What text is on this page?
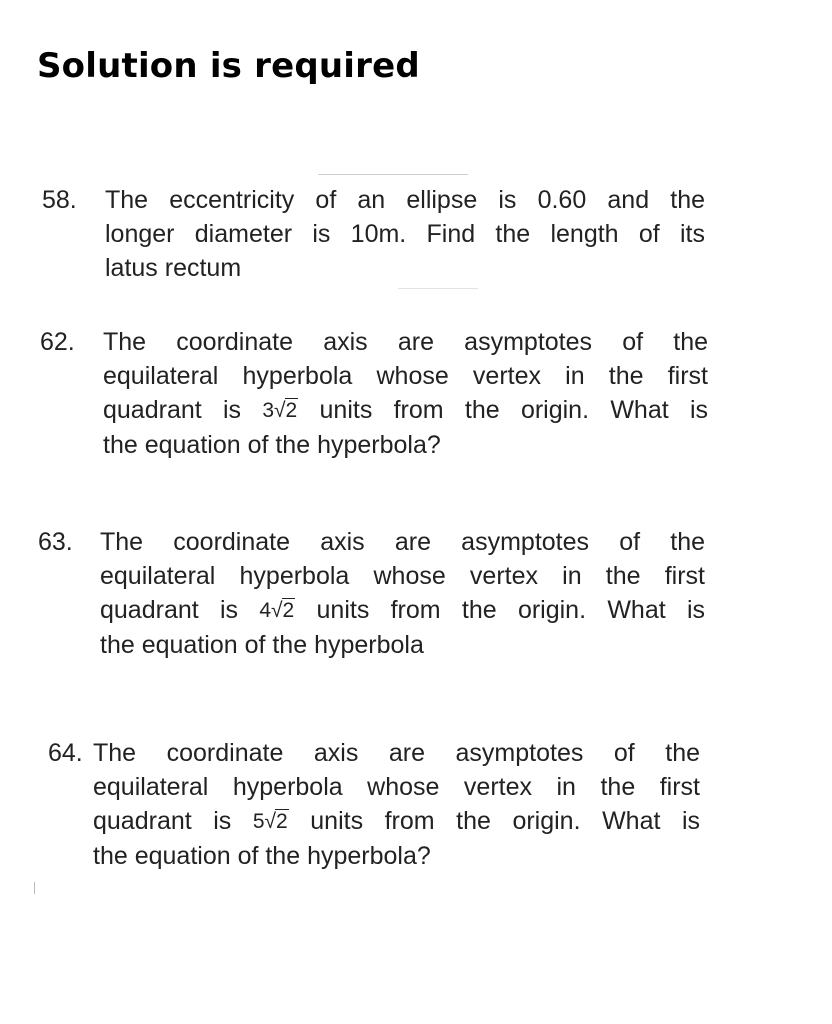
Solution is required
58. The eccentricity of an ellipse is 0.60 and the
longer diameter is 10m. Find the length of its
latus rectum
62. The coordinate axis are asymptotes of the
equilateral hyperbola whose vertex in the first
quadrant is 3√2 units from the origin. What is
the equation of the hyperbola?
63. The coordinate axis are asymptotes of the
equilateral hyperbola whose vertex in the first
quadrant is 4√2 units from the origin. What is
the equation of the hyperbola
64. The coordinate axis are asymptotes of the
equilateral hyperbola whose vertex in the first
quadrant is 5√2 units from the origin. What is
the equation of the hyperbola?
